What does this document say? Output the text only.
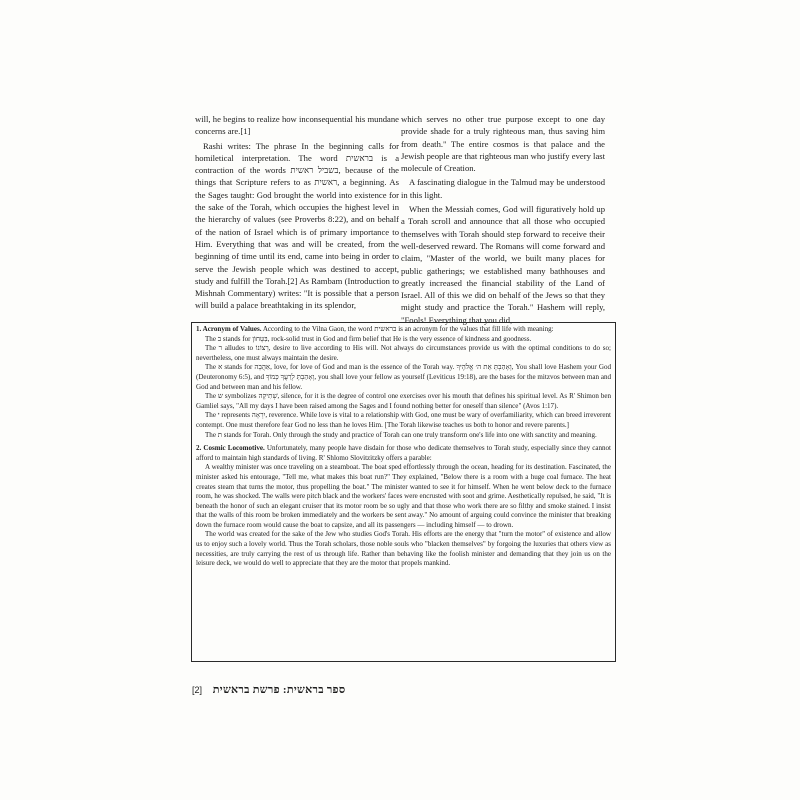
will, he begins to realize how inconsequential his mundane concerns are.[1]

Rashi writes: The phrase In the beginning calls for homiletical interpretation. The word בראשית is a contraction of the words בשביל ראשית, because of the things that Scripture refers to as ראשית, a beginning. As the Sages taught: God brought the world into existence for the sake of the Torah, which occupies the highest level in the hierarchy of values (see Proverbs 8:22), and on behalf of the nation of Israel which is of primary importance to Him. Everything that was and will be created, from the beginning of time until its end, came into being in order to serve the Jewish people which was destined to accept, study and fulfill the Torah.[2] As Rambam (Introduction to Mishnah Commentary) writes: "It is possible that a person will build a palace breathtaking in its splendor,

which serves no other true purpose except to one day provide shade for a truly righteous man, thus saving him from death." The entire cosmos is that palace and the Jewish people are that righteous man who justify every last molecule of Creation.

A fascinating dialogue in the Talmud may be understood in this light.

When the Messiah comes, God will figuratively hold up a Torah scroll and announce that all those who occupied themselves with Torah should step forward to receive their well-deserved reward. The Romans will come forward and claim, "Master of the world, we built many places for public gatherings; we established many bathhouses and greatly increased the financial stability of the Land of Israel. All of this we did on behalf of the Jews so that they might study and practice the Torah." Hashem will reply, "Fools! Everything that you did,

1. Acronym of Values. According to the Vilna Gaon, the word בראשית is an acronym for the values that fill life with meaning:

The ב stands for בִּטָּחוֹן, rock-solid trust in God and firm belief that He is the very essence of kindness and goodness.

The ר alludes to רְצוֹנוֹ, desire to live according to His will. Not always do circumstances provide us with the optimal conditions to do so; nevertheless, one must always maintain the desire.

The א stands for אַהֲבָה, love, for love of God and man is the essence of the Torah way. וְאָהַבְתָּ אֵת ה׳ אֱלֹהֶיךָ, You shall love Hashem your God (Deuteronomy 6:5), and וְאָהַבְתָּ לְרֵעֲךָ כָּמוֹךָ, you shall love your fellow as yourself (Leviticus 19:18), are the bases for the mitzvos between man and God and between man and his fellow.

The ש symbolizes שְׁתִיקָה, silence, for it is the degree of control one exercises over his mouth that defines his spiritual level. As R' Shimon ben Gamliel says, "All my days I have been raised among the Sages and I found nothing better for oneself than silence" (Avos 1:17).

The י represents יִרְאָה, reverence. While love is vital to a relationship with God, one must be wary of overfamiliarity, which can breed irreverent contempt. One must therefore fear God no less than he loves Him. [The Torah likewise teaches us both to honor and revere parents.]

The ת stands for Torah. Only through the study and practice of Torah can one truly transform one's life into one with sanctity and meaning.

2. Cosmic Locomotive. Unfortunately, many people have disdain for those who dedicate themselves to Torah study, especially since they cannot afford to maintain high standards of living. R' Shlomo Slovitzitzky offers a parable:

A wealthy minister was once traveling on a steamboat. The boat sped effortlessly through the ocean, heading for its destination. Fascinated, the minister asked his entourage, "Tell me, what makes this boat run?" They explained, "Below there is a room with a huge coal furnace. The heat creates steam that turns the motor, thus propelling the boat." The minister wanted to see it for himself. When he went below deck to the furnace room, he was shocked. The walls were pitch black and the workers' faces were encrusted with soot and grime. Aesthetically repulsed, he said, "It is beneath the honor of such an elegant cruiser that its motor room be so ugly and that those who work there are so filthy and smoke stained. I insist that the walls of this room be broken immediately and the workers be sent away." No amount of arguing could convince the minister that breaking down the furnace room would cause the boat to capsize, and all its passengers — including himself — to drown.

The world was created for the sake of the Jew who studies God's Torah. His efforts are the energy that "turn the motor" of existence and allow us to enjoy such a lovely world. Thus the Torah scholars, those noble souls who "blacken themselves" by forgoing the luxuries that others view as necessities, are truly carrying the rest of us through life. Rather than behaving like the foolish minister and demanding that they join us on the leisure deck, we would do well to appreciate that they are the motor that propels mankind.

[2] ספר בראשית: פרשת בראשית
